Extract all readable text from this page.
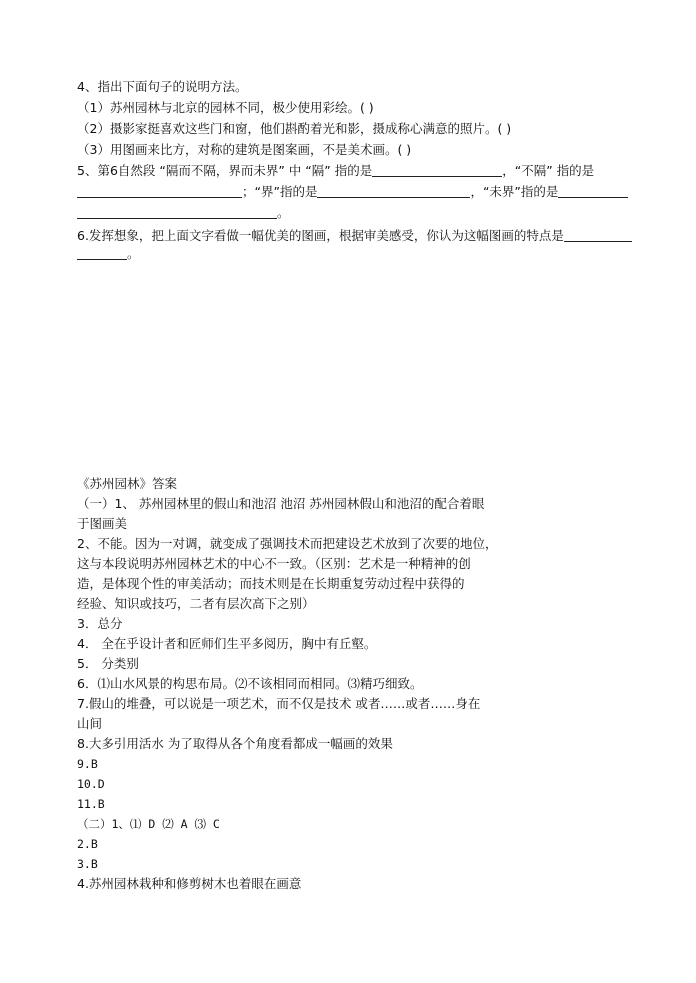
4、指出下面句子的说明方法。
（1）苏州园林与北京的园林不同，极少使用彩绘。( )
（2）摄影家挺喜欢这些门和窗，他们斟酌着光和影，摄成称心满意的照片。( )
（3）用图画来比方，对称的建筑是图案画，不是美术画。( )
5、第6自然段 “隔而不隔，界而未界” 中 “隔” 指的是	，“不隔” 指的是
；“界”指的是	，“未界”指的是
。
6.发挥想象，把上面文字看做一幅优美的图画，根据审美感受，你认为这幅图画的特点是
。
《苏州园林》答案
（一）1、 苏州园林里的假山和池沼 池沼 苏州园林假山和池沼的配合着眼
于图画美
2、不能。因为一对调，就变成了强调技术而把建设艺术放到了次要的地位，
这与本段说明苏州园林艺术的中心不一致。（区别：艺术是一种精神的创
造，是体现个性的审美活动；而技术则是在长期重复劳动过程中获得的
经验、知识或技巧，二者有层次高下之别）
3．总分
4． 全在乎设计者和匠师们生平多阅历，胸中有丘壑。
5． 分类别
6．⑴山水风景的构思布局。⑵不该相同而相同。⑶精巧细致。
7.假山的堆叠，可以说是一项艺术，而不仅是技术 或者……或者……身在
山间
8.大多引用活水 为了取得从各个角度看都成一幅画的效果
9.B
10.D
11.B
（二）1、⑴ D ⑵ A ⑶ C
2.B
3.B
4.苏州园林栽种和修剪树木也着眼在画意
